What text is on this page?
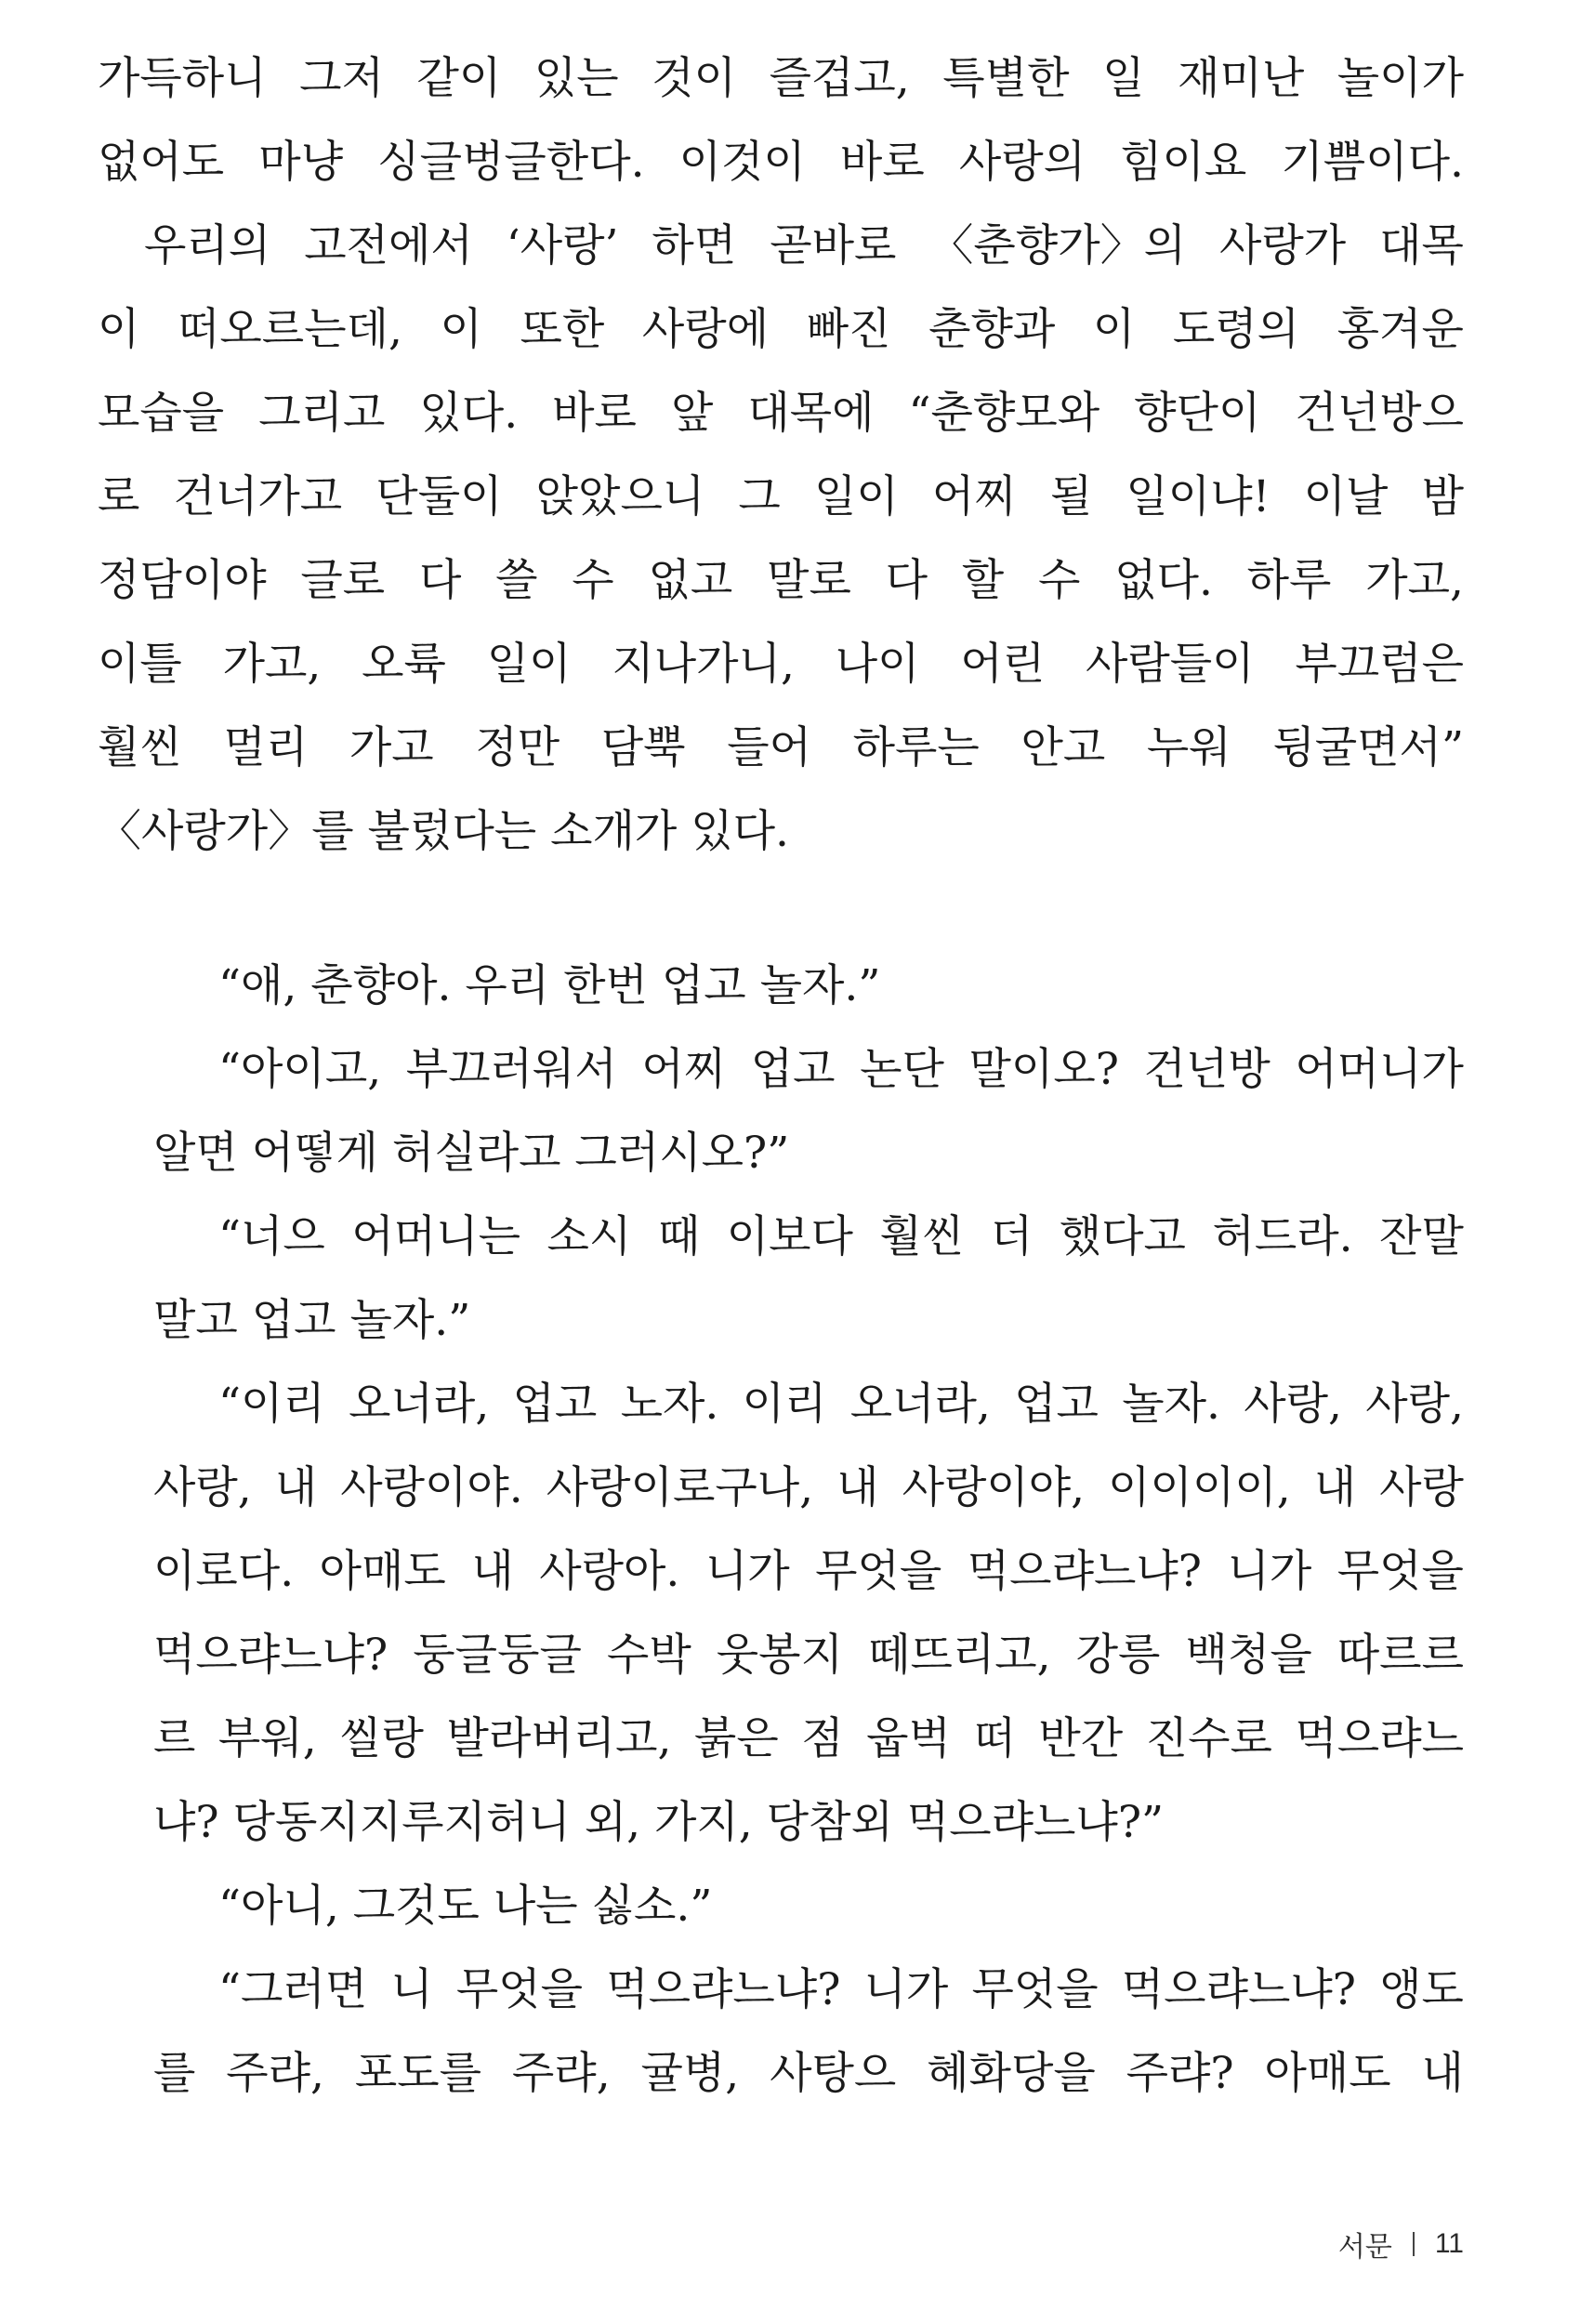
가득하니 그저 같이 있는 것이 즐겁고, 특별한 일 재미난 놀이가
없어도 마냥 싱글벙글한다. 이것이 바로 사랑의 힘이요 기쁨이다.
우리의 고전에서 ‘사랑’ 하면 곧바로 〈춘향가〉의 사랑가 대목
이 떠오르는데, 이 또한 사랑에 빠진 춘향과 이 도령의 홍겨운
모습을 그리고 있다. 바로 앞 대목에 “춘향모와 향단이 건넌방으
로 건너가고 단둘이 앉았으니 그 일이 어찌 될 일이냐! 이날 밤
정담이야 글로 다 쓸 수 없고 말로 다 할 수 없다. 하루 가고,
이틀 가고, 오륙 일이 지나가니, 나이 어린 사람들이 부끄럼은
훨씬 멀리 가고 정만 담뿍 들어 하루는 안고 누워 뒹굴면서”
〈사랑가〉를 불렀다는 소개가 있다.
“애, 춘향아. 우리 한번 업고 놀자.”
“아이고, 부끄러워서 어찌 업고 논단 말이오? 건넌방 어머니가
알면 어떻게 허실라고 그러시오?”
“너으 어머니는 소시 때 이보다 훨씬 더 했다고 허드라. 잔말
말고 업고 놀자.”
“이리 오너라, 업고 노자. 이리 오너라, 업고 놀자. 사랑, 사랑,
사랑, 내 사랑이야. 사랑이로구나, 내 사랑이야, 이이이이, 내 사랑
이로다. 아매도 내 사랑아. 니가 무엇을 먹으랴느냐? 니가 무엇을
먹으랴느냐? 둥글둥글 수박 웃봉지 떼뜨리고, 강릉 백청을 따르르
르 부워, 씰랑 발라버리고, 붉은 점 웁벅 떠 반간 진수로 먹으랴느
냐? 당동지지루지허니 외, 가지, 당참외 먹으랴느냐?”
“아니, 그것도 나는 싫소.”
“그러면 니 무엇을 먹으랴느냐? 니가 무엇을 먹으랴느냐? 앵도
를 주랴, 포도를 주랴, 귤병, 사탕으 혜화당을 주랴? 아매도 내
서문 11
